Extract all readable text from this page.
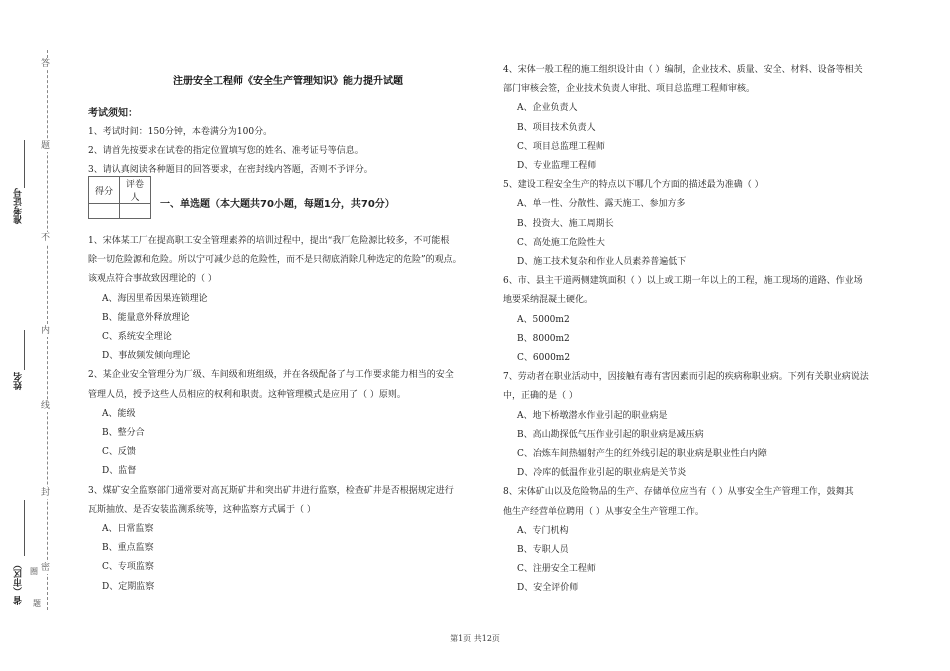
答
题
不
内
线
封
密
准考证号
姓名
省（市区） 题
圈
注册安全工程师《安全生产管理知识》能力提升试题
考试须知：
1、考试时间：150分钟，本卷满分为100分。
2、请首先按要求在试卷的指定位置填写您的姓名、准考证号等信息。
3、请认真阅读各种题目的回答要求，在密封线内答题，否则不予评分。
得分	评卷人

一、单选题（本大题共70小题，每题1分，共70分）
1、宋体某工厂在提高职工安全管理素养的培训过程中，提出“我厂危险源比较多，不可能根
除一切危险源和危险。所以宁可减少总的危险性，而不是只彻底消除几种选定的危险”的观点。
该观点符合事故致因理论的（ ）
A、海因里希因果连锁理论
B、能量意外释放理论
C、系统安全理论
D、事故频发倾向理论
2、某企业安全管理分为厂级、车间级和班组级，并在各级配备了与工作要求能力相当的安全
管理人员，授予这些人员相应的权利和职责。这种管理模式是应用了（ ）原则。
A、能级
B、整分合
C、反馈
D、监督
3、煤矿安全监察部门通常要对高瓦斯矿井和突出矿井进行监察，检查矿井是否根据规定进行
瓦斯抽放、是否安装监测系统等，这种监察方式属于（ ）
A、日常监察
B、重点监察
C、专项监察
D、定期监察
4、宋体一般工程的施工组织设计由（ ）编制，企业技术、质量、安全、材料、设备等相关
部门审核会签，企业技术负责人审批、项目总监理工程师审核。
A、企业负责人
B、项目技术负责人
C、项目总监理工程师
D、专业监理工程师
5、建设工程安全生产的特点以下哪几个方面的描述最为准确（ ）
A、单一性、分散性、露天施工、参加方多
B、投资大、施工周期长
C、高处施工危险性大
D、施工技术复杂和作业人员素养普遍低下
6、市、县主干道两侧建筑面积（ ）以上或工期一年以上的工程，施工现场的道路、作业场
地要采纳混凝土硬化。
A、5000m2
B、8000m2
C、6000m2
7、劳动者在职业活动中，因接触有毒有害因素而引起的疾病称职业病。下列有关职业病说法
中，正确的是（ ）
A、地下桥墩潜水作业引起的职业病是
B、高山勘探低气压作业引起的职业病是减压病
C、冶炼车间热辐射产生的红外线引起的职业病是职业性白内障
D、冷库的低温作业引起的职业病是关节炎
8、宋体矿山以及危险物品的生产、存储单位应当有（ ）从事安全生产管理工作，鼓舞其
他生产经营单位聘用（ ）从事安全生产管理工作。
A、专门机构
B、专职人员
C、注册安全工程师
D、安全评价师
第1页 共12页
